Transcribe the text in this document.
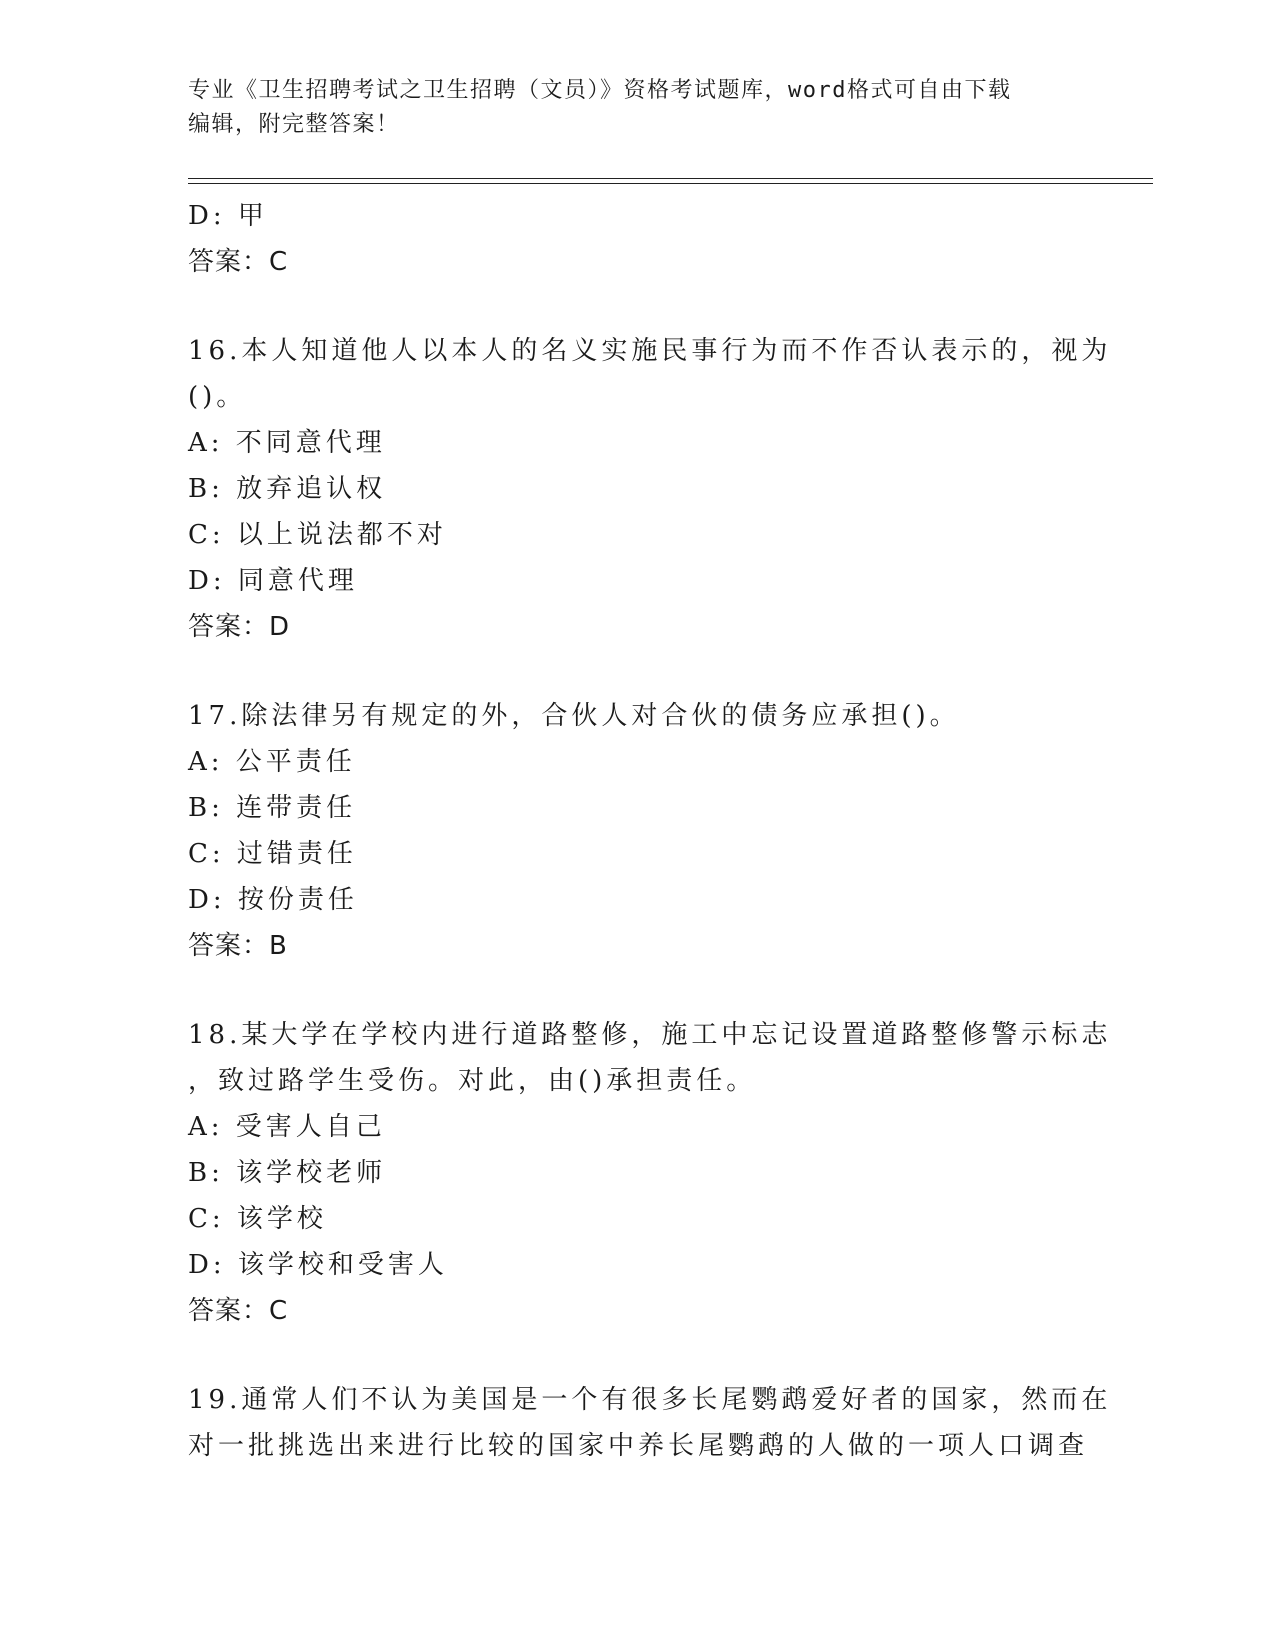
专业《卫生招聘考试之卫生招聘（文员）》资格考试题库，word格式可自由下载
编辑，附完整答案！
D: 甲
答案：C
16.本人知道他人以本人的名义实施民事行为而不作否认表示的，视为
()。
A: 不同意代理
B: 放弃追认权
C: 以上说法都不对
D: 同意代理
答案：D
17.除法律另有规定的外，合伙人对合伙的债务应承担()。
A: 公平责任
B: 连带责任
C: 过错责任
D: 按份责任
答案：B
18.某大学在学校内进行道路整修，施工中忘记设置道路整修警示标志
，致过路学生受伤。对此，由()承担责任。
A: 受害人自己
B: 该学校老师
C: 该学校
D: 该学校和受害人
答案：C
19.通常人们不认为美国是一个有很多长尾鹦鹉爱好者的国家，然而在
对一批挑选出来进行比较的国家中养长尾鹦鹉的人做的一项人口调查
